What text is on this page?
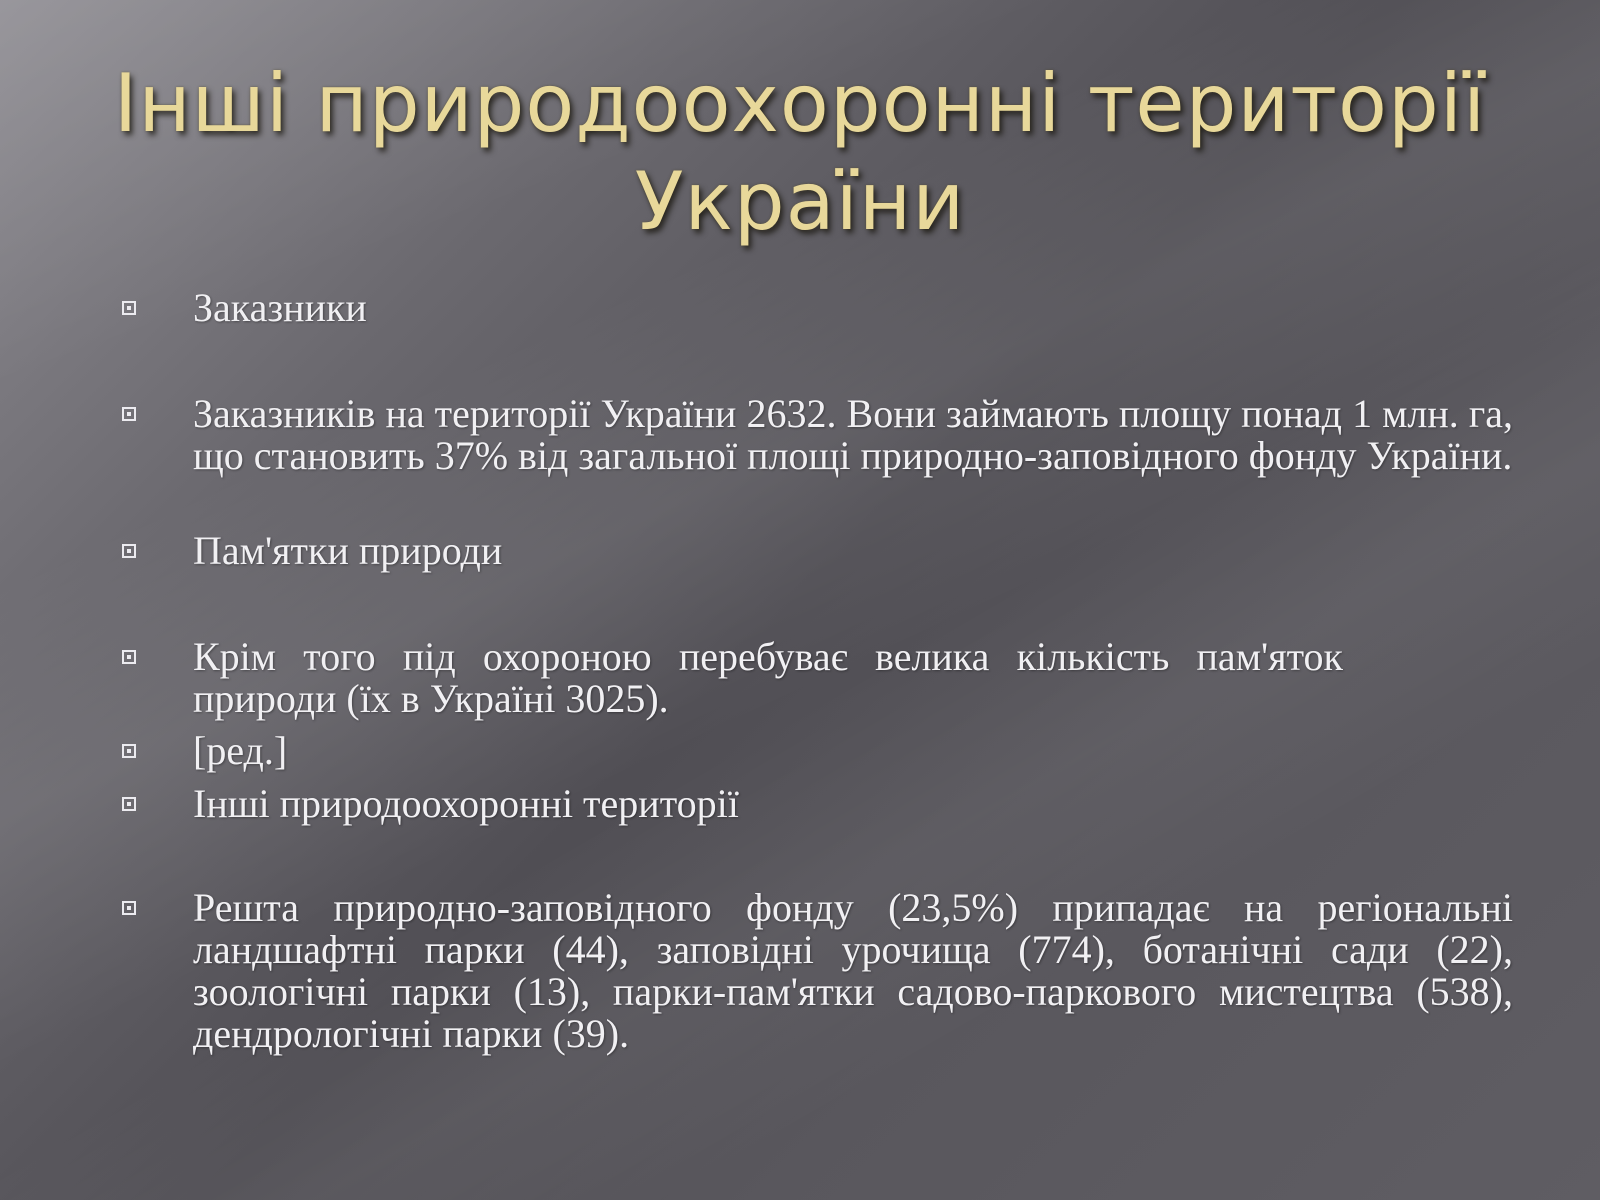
Інші природоохоронні території України
Заказники
Заказників на території України 2632. Вони займають площу понад 1 млн. га, що становить 37% від загальної площі природно-заповідного фонду України.
Пам'ятки природи
Крім того під охороною перебуває велика кількість пам'яток природи (їх в Україні 3025).
[ред.]
Інші природоохоронні території
Решта природно-заповідного фонду (23,5%) припадає на регіональні ландшафтні парки (44), заповідні урочища (774), ботанічні сади (22), зоологічні парки (13), парки-пам'ятки садово-паркового мистецтва (538), дендрологічні парки (39).
